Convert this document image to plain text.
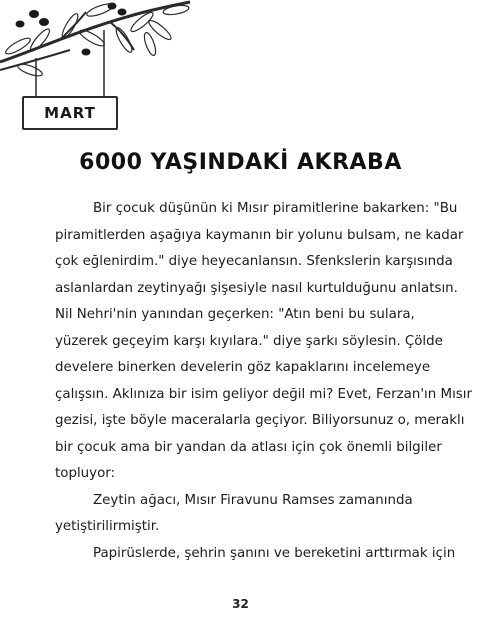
MART
6000 YAŞINDAKİ AKRABA
Bir çocuk düşünün ki Mısır piramitlerine bakarken: "Bu
piramitlerden aşağıya kaymanın bir yolunu bulsam, ne kadar
çok eğlenirdim." diye heyecanlansın. Sfenkslerin karşısında
aslanlardan zeytinyağı şişesiyle nasıl kurtulduğunu anlatsın.
Nil Nehri'nin yanından geçerken: "Atın beni bu sulara,
yüzerek geçeyim karşı kıyılara." diye şarkı söylesin. Çölde
develere binerken develerin göz kapaklarını incelemeye
çalışsın. Aklınıza bir isim geliyor değil mi? Evet, Ferzan'ın Mısır
gezisi, işte böyle maceralarla geçiyor. Biliyorsunuz o, meraklı
bir çocuk ama bir yandan da atlası için çok önemli bilgiler
topluyor:
Zeytin ağacı, Mısır Firavunu Ramses zamanında
yetiştirilirmiştir.
Papirüslerde, şehrin şanını ve bereketini arttırmak için
32
